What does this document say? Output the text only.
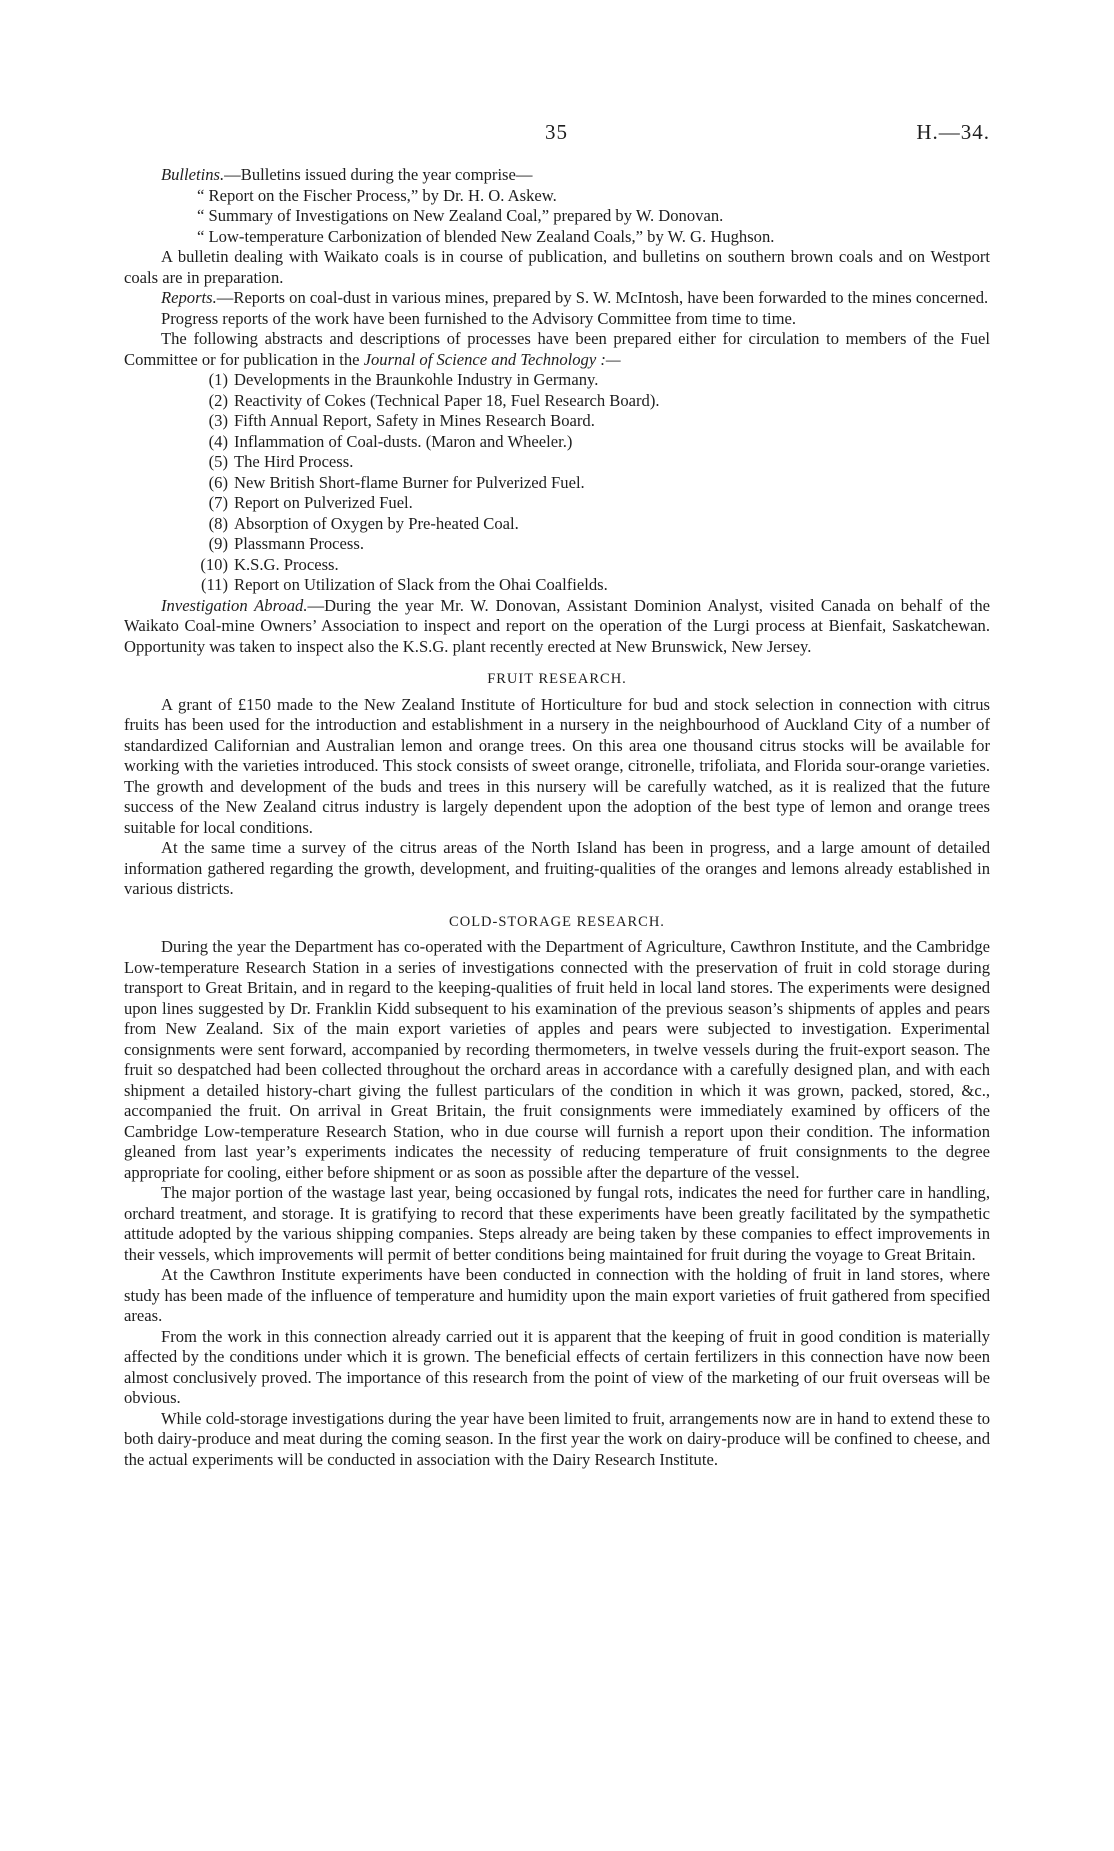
35	H.—34.

Bulletins.—Bulletins issued during the year comprise—

“ Report on the Fischer Process,” by Dr. H. O. Askew.

“ Summary of Investigations on New Zealand Coal,” prepared by W. Donovan.

“ Low-temperature Carbonization of blended New Zealand Coals,” by W. G. Hughson.

A bulletin dealing with Waikato coals is in course of publication, and bulletins on southern brown coals and on Westport coals are in preparation.

Reports.—Reports on coal-dust in various mines, prepared by S. W. McIntosh, have been forwarded to the mines concerned.

Progress reports of the work have been furnished to the Advisory Committee from time to time.

The following abstracts and descriptions of processes have been prepared either for circulation to members of the Fuel Committee or for publication in the Journal of Science and Technology :—

(1) Developments in the Braunkohle Industry in Germany.
(2) Reactivity of Cokes (Technical Paper 18, Fuel Research Board).
(3) Fifth Annual Report, Safety in Mines Research Board.
(4) Inflammation of Coal-dusts. (Maron and Wheeler.)
(5) The Hird Process.
(6) New British Short-flame Burner for Pulverized Fuel.
(7) Report on Pulverized Fuel.
(8) Absorption of Oxygen by Pre-heated Coal.
(9) Plassmann Process.
(10) K.S.G. Process.
(11) Report on Utilization of Slack from the Ohai Coalfields.

Investigation Abroad.—During the year Mr. W. Donovan, Assistant Dominion Analyst, visited Canada on behalf of the Waikato Coal-mine Owners’ Association to inspect and report on the operation of the Lurgi process at Bienfait, Saskatchewan. Opportunity was taken to inspect also the K.S.G. plant recently erected at New Brunswick, New Jersey.

FRUIT RESEARCH.

A grant of £150 made to the New Zealand Institute of Horticulture for bud and stock selection in connection with citrus fruits has been used for the introduction and establishment in a nursery in the neighbourhood of Auckland City of a number of standardized Californian and Australian lemon and orange trees. On this area one thousand citrus stocks will be available for working with the varieties introduced. This stock consists of sweet orange, citronelle, trifoliata, and Florida sour-orange varieties. The growth and development of the buds and trees in this nursery will be carefully watched, as it is realized that the future success of the New Zealand citrus industry is largely dependent upon the adoption of the best type of lemon and orange trees suitable for local conditions.

At the same time a survey of the citrus areas of the North Island has been in progress, and a large amount of detailed information gathered regarding the growth, development, and fruiting-qualities of the oranges and lemons already established in various districts.

COLD-STORAGE RESEARCH.

During the year the Department has co-operated with the Department of Agriculture, Cawthron Institute, and the Cambridge Low-temperature Research Station in a series of investigations connected with the preservation of fruit in cold storage during transport to Great Britain, and in regard to the keeping-qualities of fruit held in local land stores. The experiments were designed upon lines suggested by Dr. Franklin Kidd subsequent to his examination of the previous season’s shipments of apples and pears from New Zealand. Six of the main export varieties of apples and pears were subjected to investigation. Experimental consignments were sent forward, accompanied by recording thermometers, in twelve vessels during the fruit-export season. The fruit so despatched had been collected throughout the orchard areas in accordance with a carefully designed plan, and with each shipment a detailed history-chart giving the fullest particulars of the condition in which it was grown, packed, stored, &c., accompanied the fruit. On arrival in Great Britain, the fruit consignments were immediately examined by officers of the Cambridge Low-temperature Research Station, who in due course will furnish a report upon their condition. The information gleaned from last year’s experiments indicates the necessity of reducing temperature of fruit consignments to the degree appropriate for cooling, either before shipment or as soon as possible after the departure of the vessel.

The major portion of the wastage last year, being occasioned by fungal rots, indicates the need for further care in handling, orchard treatment, and storage. It is gratifying to record that these experiments have been greatly facilitated by the sympathetic attitude adopted by the various shipping companies. Steps already are being taken by these companies to effect improvements in their vessels, which improvements will permit of better conditions being maintained for fruit during the voyage to Great Britain.

At the Cawthron Institute experiments have been conducted in connection with the holding of fruit in land stores, where study has been made of the influence of temperature and humidity upon the main export varieties of fruit gathered from specified areas.

From the work in this connection already carried out it is apparent that the keeping of fruit in good condition is materially affected by the conditions under which it is grown. The beneficial effects of certain fertilizers in this connection have now been almost conclusively proved. The importance of this research from the point of view of the marketing of our fruit overseas will be obvious.

While cold-storage investigations during the year have been limited to fruit, arrangements now are in hand to extend these to both dairy-produce and meat during the coming season. In the first year the work on dairy-produce will be confined to cheese, and the actual experiments will be conducted in association with the Dairy Research Institute.
